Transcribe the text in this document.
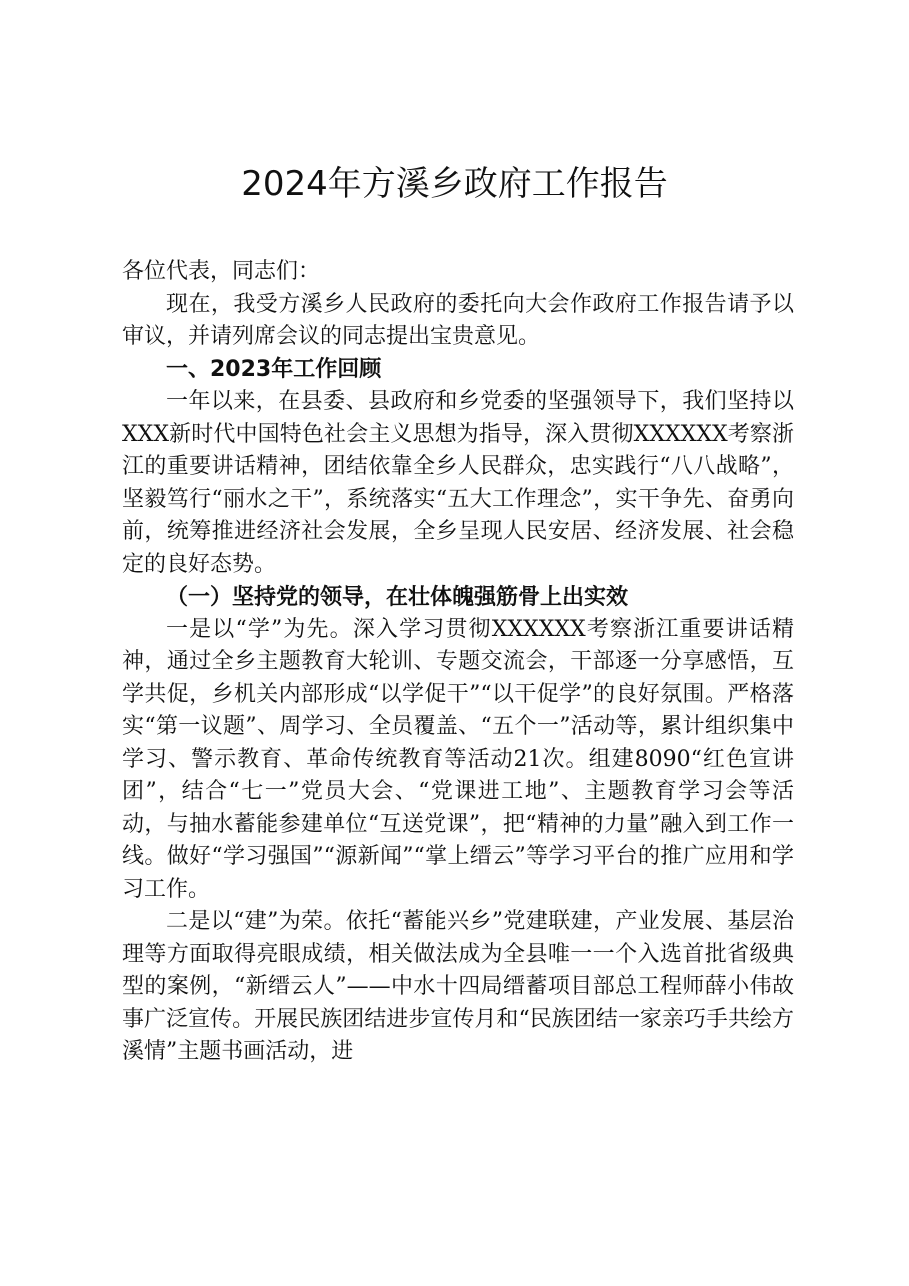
2024年方溪乡政府工作报告

各位代表，同志们：

现在，我受方溪乡人民政府的委托向大会作政府工作报告请予以审议，并请列席会议的同志提出宝贵意见。

一、2023年工作回顾

一年以来，在县委、县政府和乡党委的坚强领导下，我们坚持以XXX新时代中国特色社会主义思想为指导，深入贯彻XXXXXX考察浙江的重要讲话精神，团结依靠全乡人民群众，忠实践行“八八战略”，坚毅笃行“丽水之干”，系统落实“五大工作理念”，实干争先、奋勇向前，统筹推进经济社会发展，全乡呈现人民安居、经济发展、社会稳定的良好态势。

（一）坚持党的领导，在壮体魄强筋骨上出实效

一是以“学”为先。深入学习贯彻XXXXXX考察浙江重要讲话精神，通过全乡主题教育大轮训、专题交流会，干部逐一分享感悟，互学共促，乡机关内部形成“以学促干”“以干促学”的良好氛围。严格落实“第一议题”、周学习、全员覆盖、“五个一”活动等，累计组织集中学习、警示教育、革命传统教育等活动21次。组建8090“红色宣讲团”，结合“七一”党员大会、“党课进工地”、主题教育学习会等活动，与抽水蓄能参建单位“互送党课”，把“精神的力量”融入到工作一线。做好“学习强国”“源新闻”“掌上缙云”等学习平台的推广应用和学习工作。

二是以“建”为荣。依托“蓄能兴乡”党建联建，产业发展、基层治理等方面取得亮眼成绩，相关做法成为全县唯一一个入选首批省级典型的案例，“新缙云人”——中水十四局缙蓄项目部总工程师薛小伟故事广泛宣传。开展民族团结进步宣传月和“民族团结一家亲巧手共绘方溪情”主题书画活动，进
